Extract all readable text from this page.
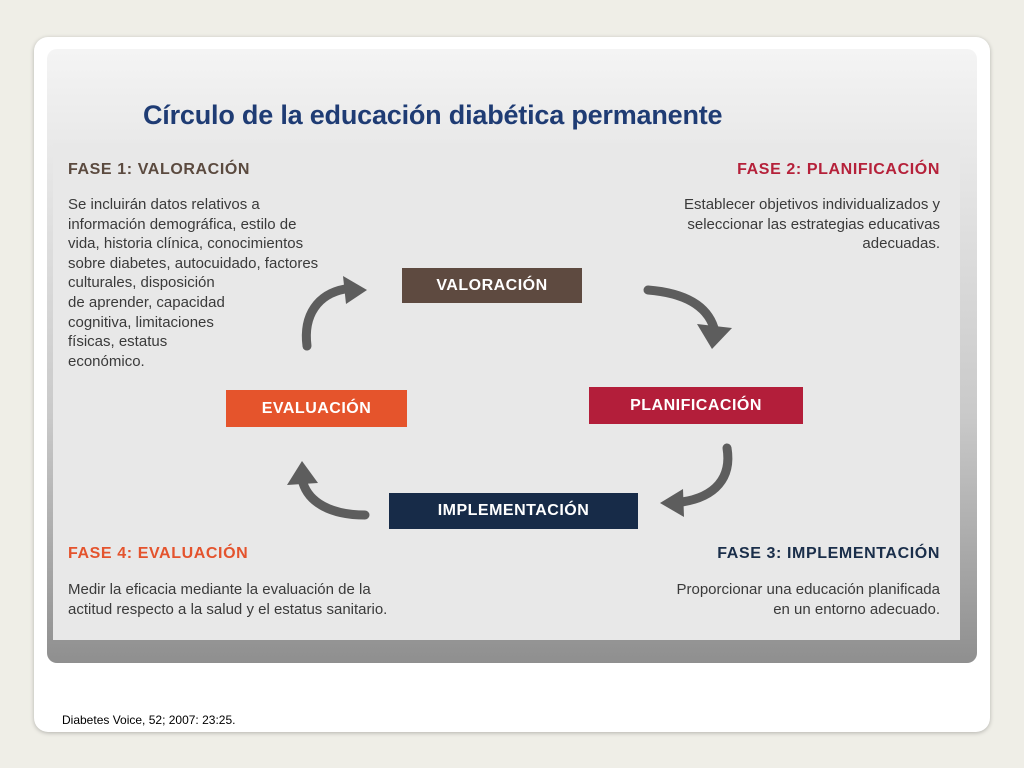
Círculo de la educación diabética permanente
FASE 1: VALORACIÓN
Se incluirán datos relativos a
información demográfica, estilo de
vida, historia clínica, conocimientos
sobre diabetes, autocuidado, factores
culturales, disposición
de aprender, capacidad
cognitiva, limitaciones
físicas, estatus
económico.
FASE 2: PLANIFICACIÓN
Establecer objetivos individualizados y
seleccionar las estrategias educativas
adecuadas.
FASE 3: IMPLEMENTACIÓN
Proporcionar una educación planificada
en un entorno adecuado.
FASE 4: EVALUACIÓN
Medir la eficacia mediante la evaluación de la
actitud respecto a la salud y el estatus sanitario.
VALORACIÓN
PLANIFICACIÓN
IMPLEMENTACIÓN
EVALUACIÓN
Diabetes Voice, 52; 2007: 23:25.
